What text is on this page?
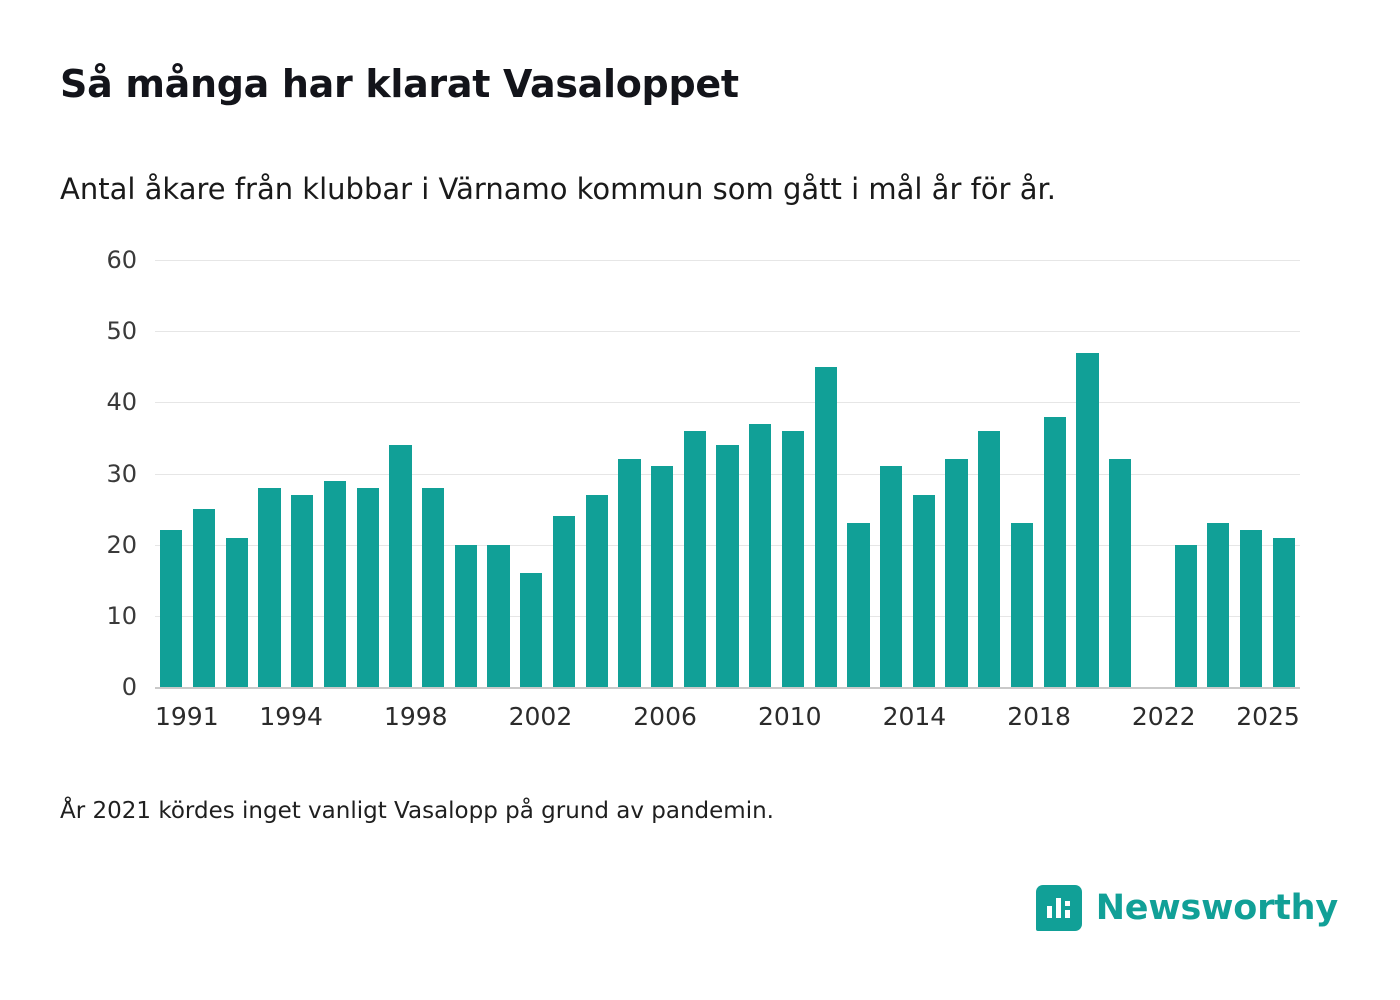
Så många har klarat Vasaloppet
Antal åkare från klubbar i Värnamo kommun som gått i mål år för år.
0
10
20
30
40
50
60
1991 1994 1998 2002 2006 2010 2014 2018 2022 2025
År 2021 kördes inget vanligt Vasalopp på grund av pandemin.
Newsworthy
